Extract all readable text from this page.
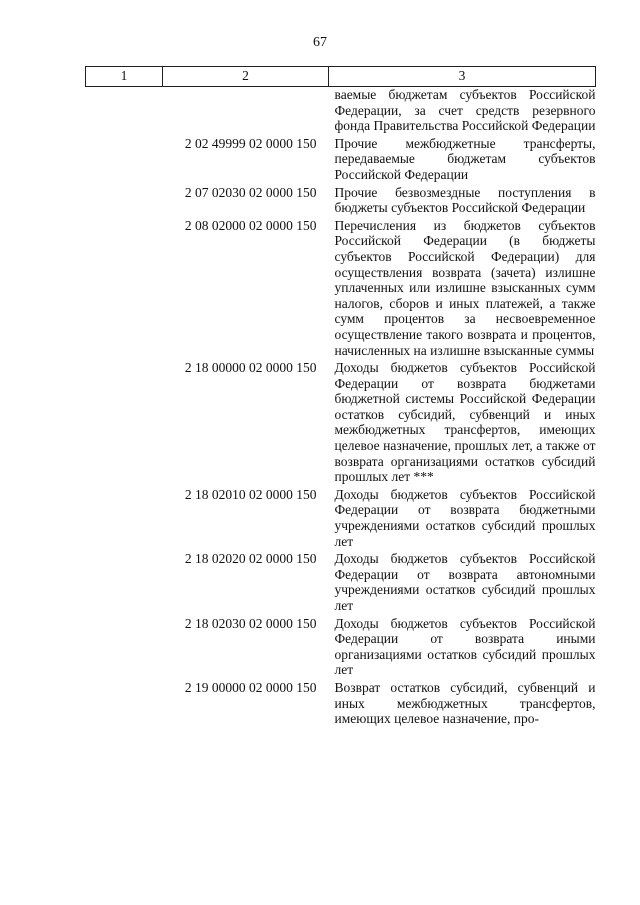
67
1	2	3
		ваемые бюджетам субъектов Российской Федерации, за счет средств резервного фонда Правительства Российской Федерации
	2 02 49999 02 0000 150	Прочие межбюджетные трансферты, передаваемые бюджетам субъектов Российской Федерации
	2 07 02030 02 0000 150	Прочие безвозмездные поступления в бюджеты субъектов Российской Федерации
	2 08 02000 02 0000 150	Перечисления из бюджетов субъектов Российской Федерации (в бюджеты субъектов Российской Федерации) для осуществления возврата (зачета) излишне уплаченных или излишне взысканных сумм налогов, сборов и иных платежей, а также сумм процентов за несвоевременное осуществление такого возврата и процентов, начисленных на излишне взысканные суммы
	2 18 00000 02 0000 150	Доходы бюджетов субъектов Российской Федерации от возврата бюджетами бюджетной системы Российской Федерации остатков субсидий, субвенций и иных межбюджетных трансфертов, имеющих целевое назначение, прошлых лет, а также от возврата организациями остатков субсидий прошлых лет ***
	2 18 02010 02 0000 150	Доходы бюджетов субъектов Российской Федерации от возврата бюджетными учреждениями остатков субсидий прошлых лет
	2 18 02020 02 0000 150	Доходы бюджетов субъектов Российской Федерации от возврата автономными учреждениями остатков субсидий прошлых лет
	2 18 02030 02 0000 150	Доходы бюджетов субъектов Российской Федерации от возврата иными организациями остатков субсидий прошлых лет
	2 19 00000 02 0000 150	Возврат остатков субсидий, субвенций и иных межбюджетных трансфертов, имеющих целевое назначение, про-
